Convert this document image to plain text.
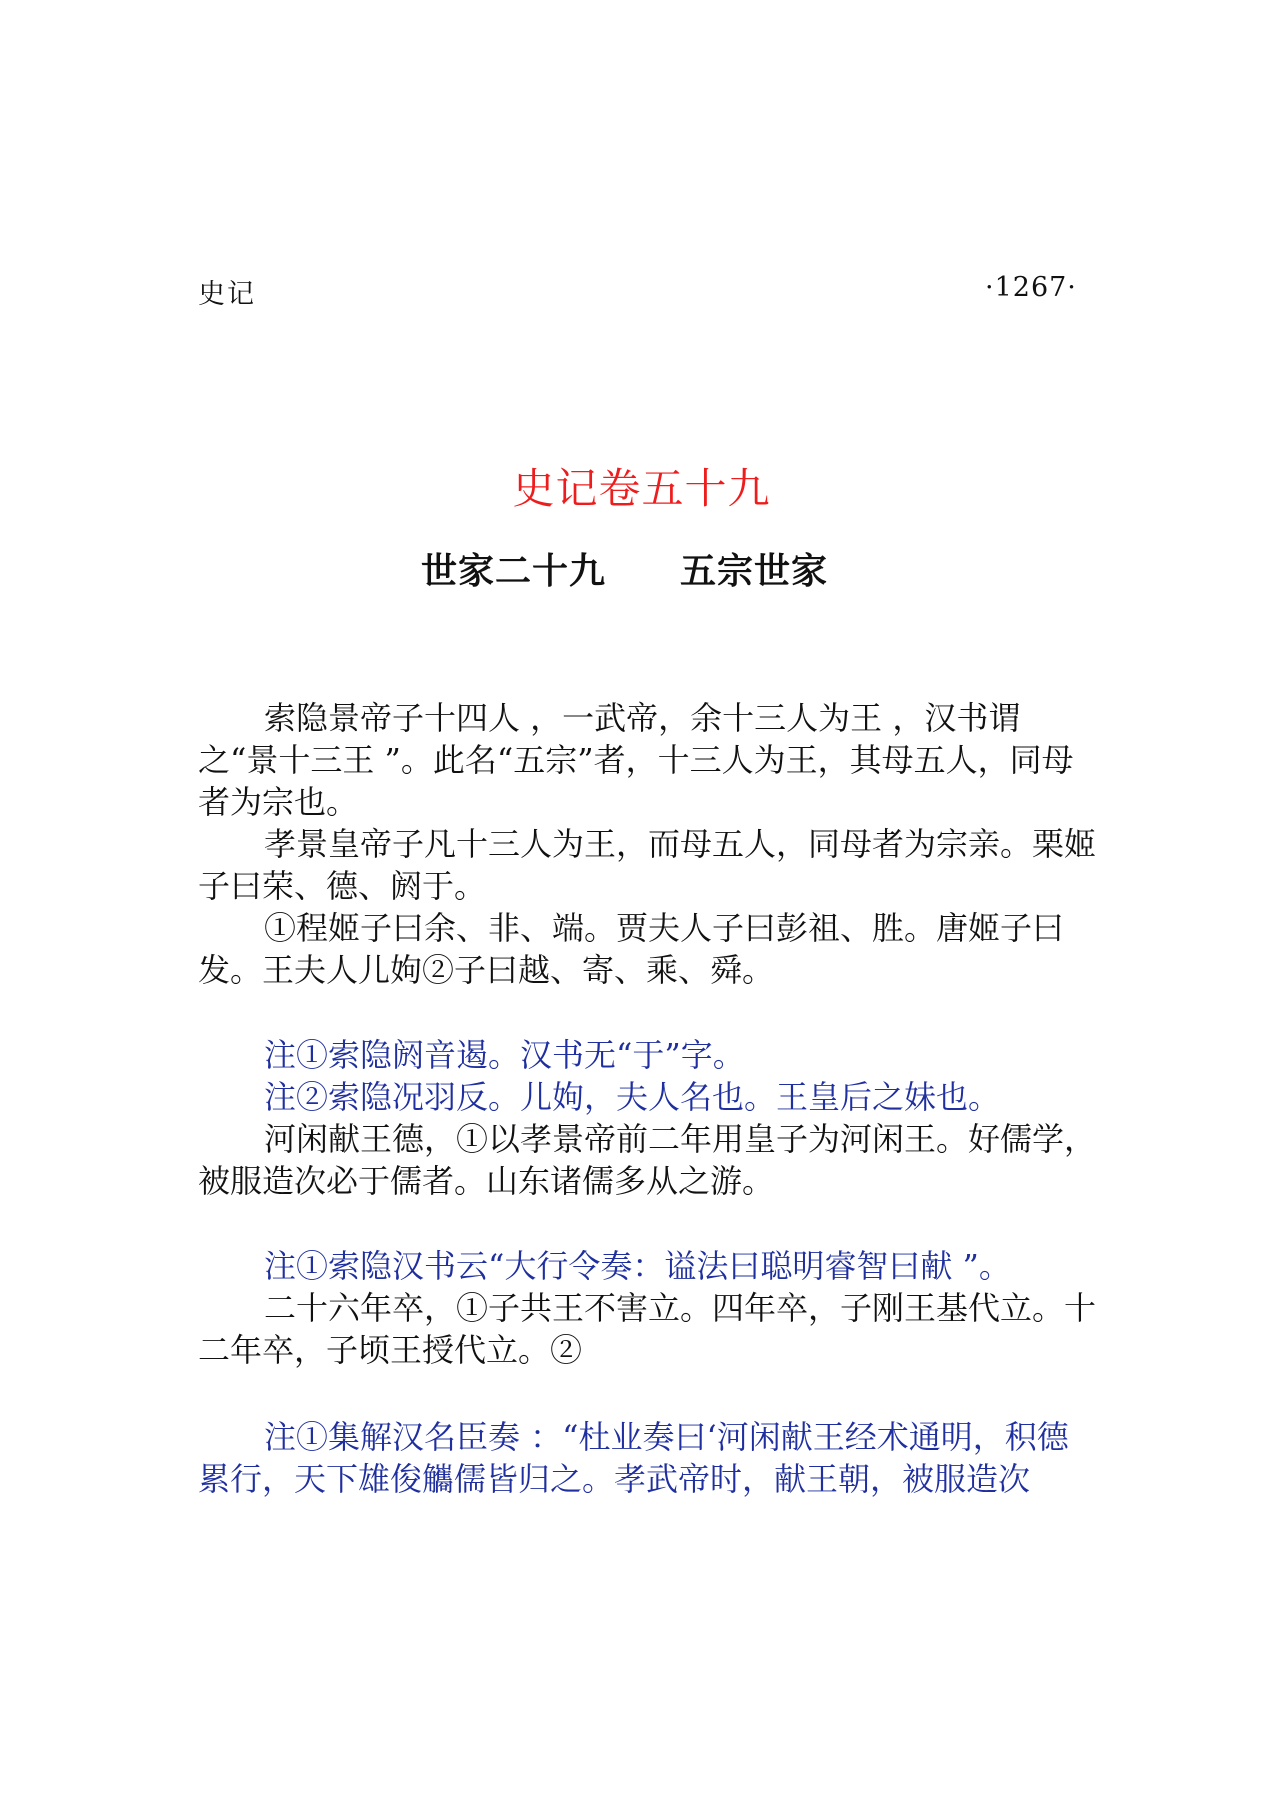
史记	·1267·
史记卷五十九
世家二十九　　五宗世家

索隐景帝子十四人 ，一武帝，余十三人为王 ，汉书谓之“景十三王 ”。此名“五宗”者，十三人为王，其母五人，同母者为宗也。

孝景皇帝子凡十三人为王，而母五人，同母者为宗亲。栗姬子曰荣、德、阏于。

①程姬子曰余、非、端。贾夫人子曰彭祖、胜。唐姬子曰发。王夫人儿姁②子曰越、寄、乘、舜。

注①索隐阏音遏。汉书无“于”字。

注②索隐况羽反。儿姁，夫人名也。王皇后之妹也。

河闲献王德，①以孝景帝前二年用皇子为河闲王。好儒学，被服造次必于儒者。山东诸儒多从之游。

注①索隐汉书云“大行令奏：谥法曰聪明睿智曰献 ”。

二十六年卒，①子共王不害立。四年卒，子刚王基代立。十二年卒，子顷王授代立。②

注①集解汉名臣奏 ：“杜业奏曰‘河闲献王经术通明，积德累行，天下雄俊觿儒皆归之。孝武帝时，献王朝，被服造次
